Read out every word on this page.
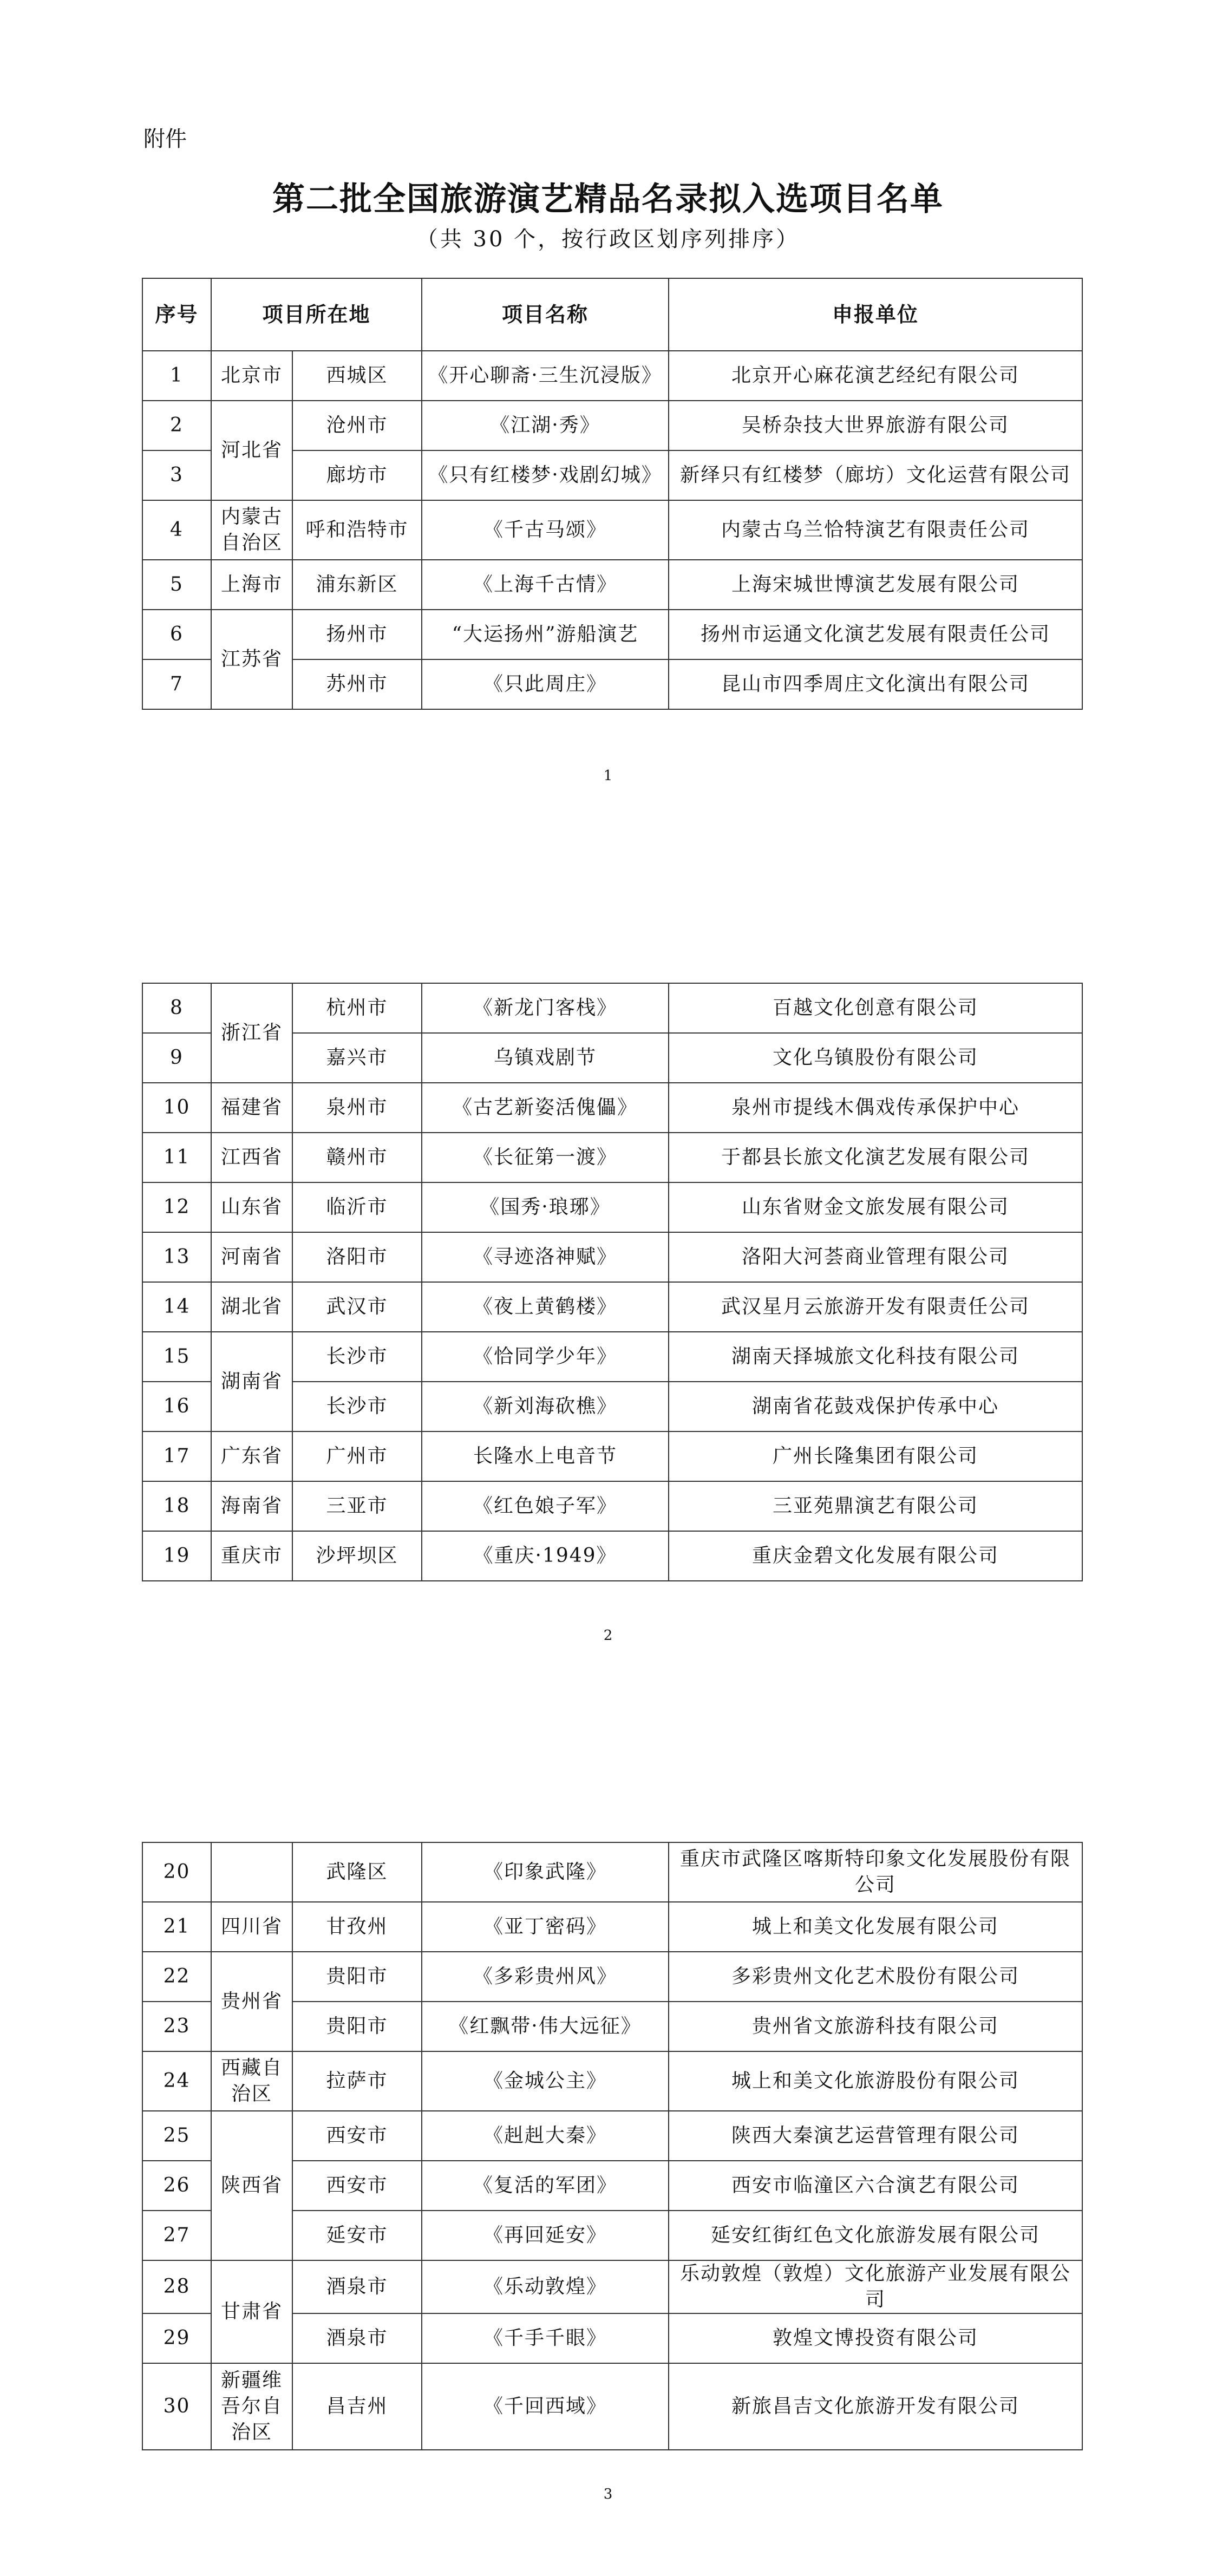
附件
第二批全国旅游演艺精品名录拟入选项目名单
（共 30 个，按行政区划序列排序）
序号	项目所在地		项目名称	申报单位
1	北京市	西城区	《开心聊斋·三生沉浸版》	北京开心麻花演艺经纪有限公司
2	河北省	沧州市	《江湖·秀》	吴桥杂技大世界旅游有限公司
3		廊坊市	《只有红楼梦·戏剧幻城》	新绎只有红楼梦（廊坊）文化运营有限公司
4	内蒙古自治区	呼和浩特市	《千古马颂》	内蒙古乌兰恰特演艺有限责任公司
5	上海市	浦东新区	《上海千古情》	上海宋城世博演艺发展有限公司
6	江苏省	扬州市	“大运扬州”游船演艺	扬州市运通文化演艺发展有限责任公司
7		苏州市	《只此周庄》	昆山市四季周庄文化演出有限公司
1
8	浙江省	杭州市	《新龙门客栈》	百越文化创意有限公司
9		嘉兴市	乌镇戏剧节	文化乌镇股份有限公司
10	福建省	泉州市	《古艺新姿活傀儡》	泉州市提线木偶戏传承保护中心
11	江西省	赣州市	《长征第一渡》	于都县长旅文化演艺发展有限公司
12	山东省	临沂市	《国秀·琅琊》	山东省财金文旅发展有限公司
13	河南省	洛阳市	《寻迹洛神赋》	洛阳大河荟商业管理有限公司
14	湖北省	武汉市	《夜上黄鹤楼》	武汉星月云旅游开发有限责任公司
15	湖南省	长沙市	《恰同学少年》	湖南天择城旅文化科技有限公司
16		长沙市	《新刘海砍樵》	湖南省花鼓戏保护传承中心
17	广东省	广州市	长隆水上电音节	广州长隆集团有限公司
18	海南省	三亚市	《红色娘子军》	三亚苑鼎演艺有限公司
19	重庆市	沙坪坝区	《重庆·1949》	重庆金碧文化发展有限公司
2
20		武隆区	《印象武隆》	重庆市武隆区喀斯特印象文化发展股份有限公司
21	四川省	甘孜州	《亚丁密码》	城上和美文化发展有限公司
22	贵州省	贵阳市	《多彩贵州风》	多彩贵州文化艺术股份有限公司
23		贵阳市	《红飘带·伟大远征》	贵州省文旅游科技有限公司
24	西藏自治区	拉萨市	《金城公主》	城上和美文化旅游股份有限公司
25	陕西省	西安市	《赳赳大秦》	陕西大秦演艺运营管理有限公司
26		西安市	《复活的军团》	西安市临潼区六合演艺有限公司
27		延安市	《再回延安》	延安红街红色文化旅游发展有限公司
28	甘肃省	酒泉市	《乐动敦煌》	乐动敦煌（敦煌）文化旅游产业发展有限公司
29		酒泉市	《千手千眼》	敦煌文博投资有限公司
30	新疆维吾尔自治区	昌吉州	《千回西域》	新旅昌吉文化旅游开发有限公司
3
